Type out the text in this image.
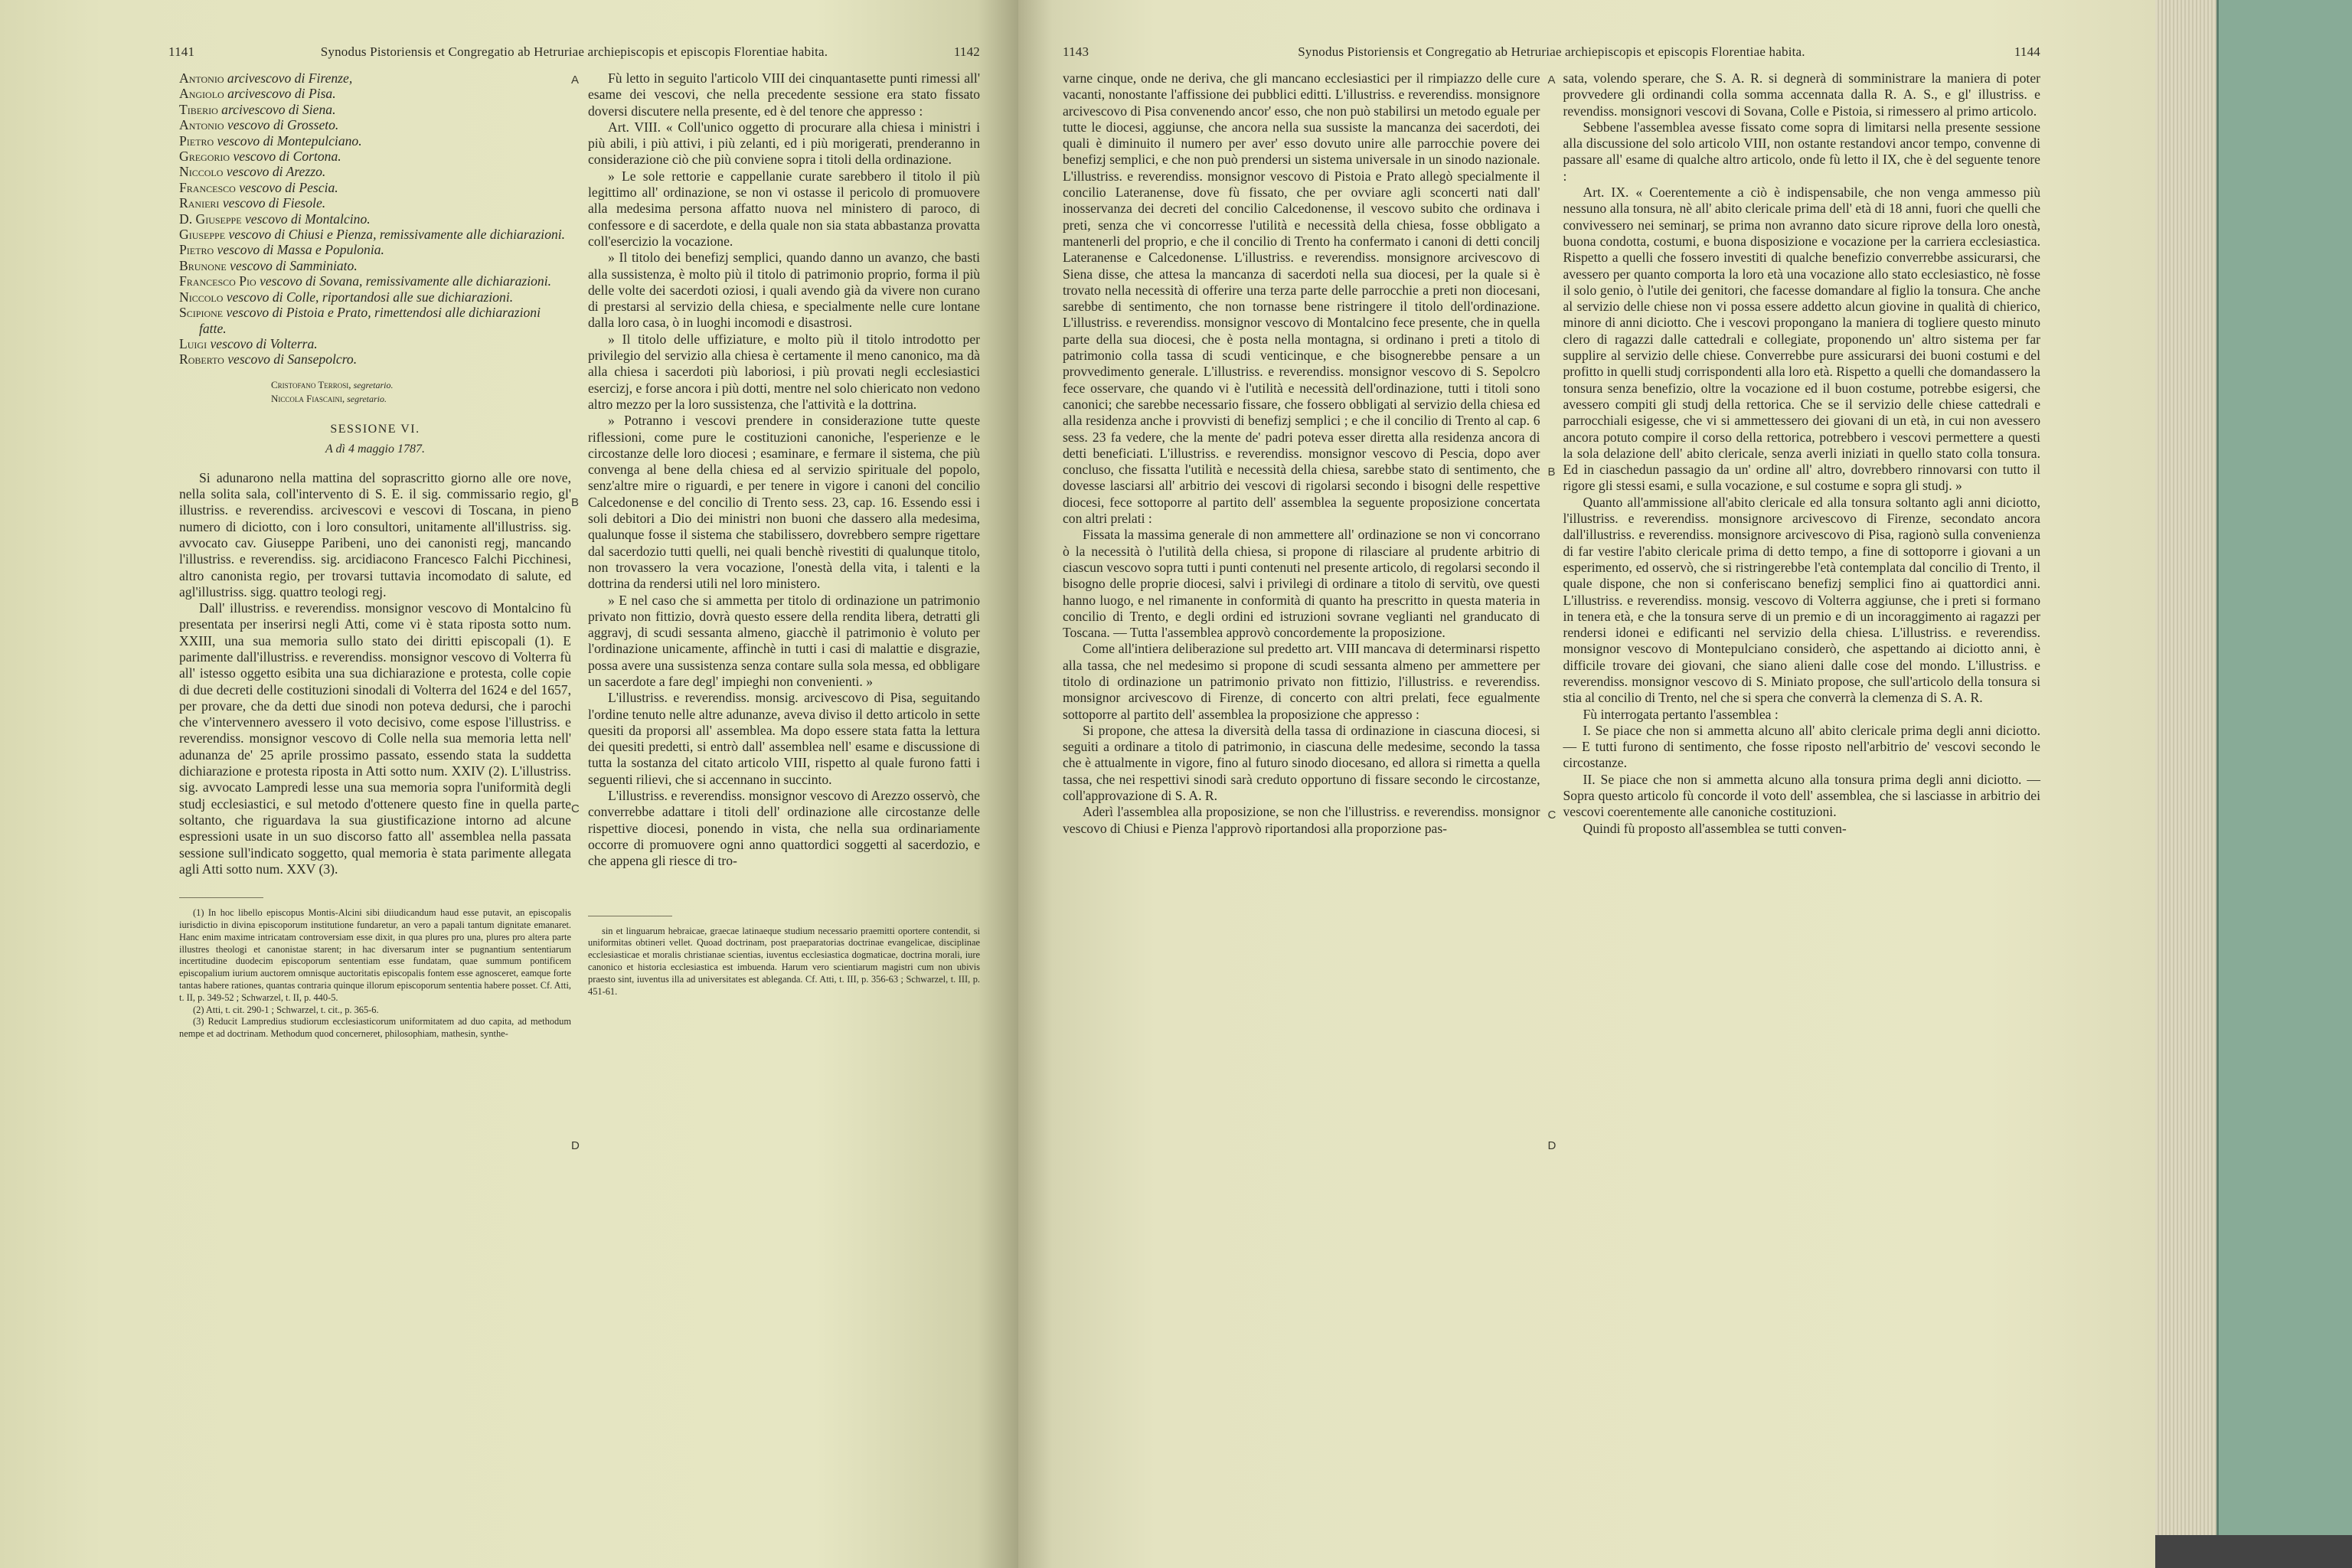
1141	Synodus Pistoriensis et Congregatio ab Hetruriae archiepiscopis et episcopis Florentiae habita.	1142
Antonio arcivescovo di Firenze,
Angiolo arcivescovo di Pisa.
Tiberio arcivescovo di Siena.
Antonio vescovo di Grosseto.
Pietro vescovo di Montepulciano.
Gregorio vescovo di Cortona.
Niccolo vescovo di Arezzo.
Francesco vescovo di Pescia.
Ranieri vescovo di Fiesole.
D. Giuseppe vescovo di Montalcino.
Giuseppe vescovo di Chiusi e Pienza, remissivamente alle dichiarazioni.
Pietro vescovo di Massa e Populonia.
Brunone vescovo di Samminiato.
Francesco Pio vescovo di Sovana, remissivamente alle dichiarazioni.
Niccolo vescovo di Colle, riportandosi alle sue dichiarazioni.
Scipione vescovo di Pistoia e Prato, rimettendosi alle dichiarazioni fatte.
Luigi vescovo di Volterra.
Roberto vescovo di Sansepolcro.
Cristofano Terrosi, segretario.
Niccola Fiascaini, segretario.
SESSIONE VI.
A dì 4 maggio 1787.

Si adunarono nella mattina del soprascritto giorno alle ore nove, nella solita sala, coll'intervento di S. E. il sig. commissario regio, gl' illustriss. e reverendiss. arcivescovi e vescovi di Toscana, in pieno numero di diciotto, con i loro consultori, unitamente all'illustriss. sig. avvocato cav. Giuseppe Paribeni, uno dei canonisti regj, mancando l'illustriss. e reverendiss. sig. arcidiacono Francesco Falchi Picchinesi, altro canonista regio, per trovarsi tuttavia incomodato di salute, ed agl'illustriss. sigg. quattro teologi regj.

Dall' illustriss. e reverendiss. monsignor vescovo di Montalcino fù presentata per inserirsi negli Atti, come vi è stata riposta sotto num. XXIII, una sua memoria sullo stato dei diritti episcopali (1). E parimente dall'illustriss. e reverendiss. monsignor vescovo di Volterra fù all' istesso oggetto esibita una sua dichiarazione e protesta, colle copie di due decreti delle costituzioni sinodali di Volterra del 1624 e del 1657, per provare, che da detti due sinodi non poteva dedursi, che i parochi che v'intervennero avessero il voto decisivo, come espose l'illustriss. e reverendiss. monsignor vescovo di Colle nella sua memoria letta nell' adunanza de' 25 aprile prossimo passato, essendo stata la suddetta dichiarazione e protesta riposta in Atti sotto num. XXIV (2). L'illustriss. sig. avvocato Lampredi lesse una sua memoria sopra l'uniformità degli studj ecclesiastici, e sul metodo d'ottenere questo fine in quella parte soltanto, che riguardava la sua giustificazione intorno ad alcune espressioni usate in un suo discorso fatto all' assemblea nella passata sessione sull'indicato soggetto, qual memoria è stata parimente allegata agli Atti sotto num. XXV (3).

(1) In hoc libello episcopus Montis-Alcini sibi diiudicandum haud esse putavit, an episcopalis iurisdictio in divina episcoporum institutione fundaretur, an vero a papali tantum dignitate emanaret. Hanc enim maxime intricatam controversiam esse dixit, in qua plures pro una, plures pro altera parte illustres theologi et canonistae starent; in hac diversarum inter se pugnantium sententiarum incertitudine duodecim episcoporum sententiam esse fundatam, quae summum pontificem episcopalium iurium auctorem omnisque auctoritatis episcopalis fontem esse agnosceret, eamque forte tantas habere rationes, quantas contraria quinque illorum episcoporum sententia habere posset. Cf. Atti, t. II, p. 349-52 ; Schwarzel, t. II, p. 440-5.

(2) Atti, t. cit. 290-1 ; Schwarzel, t. cit., p. 365-6.

(3) Reducit Lampredius studiorum ecclesiasticorum uniformitatem ad duo capita, ad methodum nempe et ad doctrinam. Methodum quod concerneret, philosophiam, mathesin, synthe-

A
B
C
D

Fù letto in seguito l'articolo VIII dei cinquantasette punti rimessi all' esame dei vescovi, che nella precedente sessione era stato fissato doversi discutere nella presente, ed è del tenore che appresso :

Art. VIII. « Coll'unico oggetto di procurare alla chiesa i ministri i più abili, i più attivi, i più zelanti, ed i più morigerati, prenderanno in considerazione ciò che più conviene sopra i titoli della ordinazione.

» Le sole rettorie e cappellanie curate sarebbero il titolo il più legittimo all' ordinazione, se non vi ostasse il pericolo di promuovere alla medesima persona affatto nuova nel ministero di paroco, di confessore e di sacerdote, e della quale non sia stata abbastanza provatta coll'esercizio la vocazione.

» Il titolo dei benefizj semplici, quando danno un avanzo, che basti alla sussistenza, è molto più il titolo di patrimonio proprio, forma il più delle volte dei sacerdoti oziosi, i quali avendo già da vivere non curano di prestarsi al servizio della chiesa, e specialmente nelle cure lontane dalla loro casa, ò in luoghi incomodi e disastrosi.

» Il titolo delle uffiziature, e molto più il titolo introdotto per privilegio del servizio alla chiesa è certamente il meno canonico, ma dà alla chiesa i sacerdoti più laboriosi, i più provati negli ecclesiastici esercizj, e forse ancora i più dotti, mentre nel solo chiericato non vedono altro mezzo per la loro sussistenza, che l'attività e la dottrina.

» Potranno i vescovi prendere in considerazione tutte queste riflessioni, come pure le costituzioni canoniche, l'esperienze e le circostanze delle loro diocesi ; esaminare, e fermare il sistema, che più convenga al bene della chiesa ed al servizio spirituale del popolo, senz'altre mire o riguardi, e per tenere in vigore i canoni del concilio Calcedonense e del concilio di Trento sess. 23, cap. 16. Essendo essi i soli debitori a Dio dei ministri non buoni che dassero alla medesima, qualunque fosse il sistema che stabilissero, dovrebbero sempre rigettare dal sacerdozio tutti quelli, nei quali benchè rivestiti di qualunque titolo, non trovassero la vera vocazione, l'onestà della vita, i talenti e la dottrina da rendersi utili nel loro ministero.

» E nel caso che si ammetta per titolo di ordinazione un patrimonio privato non fittizio, dovrà questo essere della rendita libera, detratti gli aggravj, di scudi sessanta almeno, giacchè il patrimonio è voluto per l'ordinazione unicamente, affinchè in tutti i casi di malattie e disgrazie, possa avere una sussistenza senza contare sulla sola messa, ed obbligare un sacerdote a fare degl' impieghi non convenienti. »

L'illustriss. e reverendiss. monsig. arcivescovo di Pisa, seguitando l'ordine tenuto nelle altre adunanze, aveva diviso il detto articolo in sette quesiti da proporsi all' assemblea. Ma dopo essere stata fatta la lettura dei quesiti predetti, si entrò dall' assemblea nell' esame e discussione di tutta la sostanza del citato articolo VIII, rispetto al quale furono fatti i seguenti rilievi, che si accennano in succinto.

L'illustriss. e reverendiss. monsignor vescovo di Arezzo osservò, che converrebbe adattare i titoli dell' ordinazione alle circostanze delle rispettive diocesi, ponendo in vista, che nella sua ordinariamente occorre di promuovere ogni anno quattordici soggetti al sacerdozio, e che appena gli riesce di tro-

sin et linguarum hebraicae, graecae latinaeque studium necessario praemitti oportere contendit, si uniformitas obtineri vellet. Quoad doctrinam, post praeparatorias doctrinae evangelicae, disciplinae ecclesiasticae et moralis christianae scientias, iuventus ecclesiastica dogmaticae, doctrina morali, iure canonico et historia ecclesiastica est imbuenda. Harum vero scientiarum magistri cum non ubivis praesto sint, iuventus illa ad universitates est ableganda. Cf. Atti, t. III, p. 356-63 ; Schwarzel, t. III, p. 451-61.

1143	Synodus Pistoriensis et Congregatio ab Hetruriae archiepiscopis et episcopis Florentiae habita.	1144

varne cinque, onde ne deriva, che gli mancano ecclesiastici per il rimpiazzo delle cure vacanti, nonostante l'affissione dei pubblici editti. L'illustriss. e reverendiss. monsignore arcivescovo di Pisa convenendo ancor' esso, che non può stabilirsi un metodo eguale per tutte le diocesi, aggiunse, che ancora nella sua sussiste la mancanza dei sacerdoti, dei quali è diminuito il numero per aver' esso dovuto unire alle parrocchie povere dei benefizj semplici, e che non può prendersi un sistema universale in un sinodo nazionale. L'illustriss. e reverendiss. monsignor vescovo di Pistoia e Prato allegò specialmente il concilio Lateranense, dove fù fissato, che per ovviare agli sconcerti nati dall' inosservanza dei decreti del concilio Calcedonense, il vescovo subito che ordinava i preti, senza che vi concorresse l'utilità e necessità della chiesa, fosse obbligato a mantenerli del proprio, e che il concilio di Trento ha confermato i canoni di detti concilj Lateranense e Calcedonense. L'illustriss. e reverendiss. monsignore arcivescovo di Siena disse, che attesa la mancanza di sacerdoti nella sua diocesi, per la quale si è trovato nella necessità di offerire una terza parte delle parrocchie a preti non diocesani, sarebbe di sentimento, che non tornasse bene ristringere il titolo dell'ordinazione. L'illustriss. e reverendiss. monsignor vescovo di Montalcino fece presente, che in quella parte della sua diocesi, che è posta nella montagna, si ordinano i preti a titolo di patrimonio colla tassa di scudi venticinque, e che bisognerebbe pensare a un provvedimento generale. L'illustriss. e reverendiss. monsignor vescovo di S. Sepolcro fece osservare, che quando vi è l'utilità e necessità dell'ordinazione, tutti i titoli sono canonici; che sarebbe necessario fissare, che fossero obbligati al servizio della chiesa ed alla residenza anche i provvisti di benefizj semplici ; e che il concilio di Trento al cap. 6 sess. 23 fa vedere, che la mente de' padri poteva esser diretta alla residenza ancora di detti beneficiati. L'illustriss. e reverendiss. monsignor vescovo di Pescia, dopo aver concluso, che fissatta l'utilità e necessità della chiesa, sarebbe stato di sentimento, che dovesse lasciarsi all' arbitrio dei vescovi di rigolarsi secondo i bisogni delle respettive diocesi, fece sottoporre al partito dell' assemblea la seguente proposizione concertata con altri prelati :

Fissata la massima generale di non ammettere all' ordinazione se non vi concorrano ò la necessità ò l'utilità della chiesa, si propone di rilasciare al prudente arbitrio di ciascun vescovo sopra tutti i punti contenuti nel presente articolo, di regolarsi secondo il bisogno delle proprie diocesi, salvi i privilegi di ordinare a titolo di servitù, ove questi hanno luogo, e nel rimanente in conformità di quanto ha prescritto in questa materia in concilio di Trento, e degli ordini ed istruzioni sovrane veglianti nel granducato di Toscana. — Tutta l'assemblea approvò concordemente la proposizione.

Come all'intiera deliberazione sul predetto art. VIII mancava di determinarsi rispetto alla tassa, che nel medesimo si propone di scudi sessanta almeno per ammettere per titolo di ordinazione un patrimonio privato non fittizio, l'illustriss. e reverendiss. monsignor arcivescovo di Firenze, di concerto con altri prelati, fece egualmente sottoporre al partito dell' assemblea la proposizione che appresso :

Si propone, che attesa la diversità della tassa di ordinazione in ciascuna diocesi, si seguiti a ordinare a titolo di patrimonio, in ciascuna delle medesime, secondo la tassa che è attualmente in vigore, fino al futuro sinodo diocesano, ed allora si rimetta a quella tassa, che nei respettivi sinodi sarà creduto opportuno di fissare secondo le circostanze, coll'approvazione di S. A. R.

Aderì l'assemblea alla proposizione, se non che l'illustriss. e reverendiss. monsignor vescovo di Chiusi e Pienza l'approvò riportandosi alla proporzione pas-

A
B
C
D

sata, volendo sperare, che S. A. R. si degnerà di somministrare la maniera di poter provvedere gli ordinandi colla somma accennata dalla R. A. S., e gl' illustriss. e revendiss. monsignori vescovi di Sovana, Colle e Pistoia, si rimessero al primo articolo.

Sebbene l'assemblea avesse fissato come sopra di limitarsi nella presente sessione alla discussione del solo articolo VIII, non ostante restandovi ancor tempo, convenne di passare all' esame di qualche altro articolo, onde fù letto il IX, che è del seguente tenore :

Art. IX. « Coerentemente a ciò è indispensabile, che non venga ammesso più nessuno alla tonsura, nè all' abito clericale prima dell' età di 18 anni, fuori che quelli che convivessero nei seminarj, se prima non avranno dato sicure riprove della loro onestà, buona condotta, costumi, e buona disposizione e vocazione per la carriera ecclesiastica. Rispetto a quelli che fossero investiti di qualche benefizio converrebbe assicurarsi, che avessero per quanto comporta la loro età una vocazione allo stato ecclesiastico, nè fosse il solo genio, ò l'utile dei genitori, che facesse domandare al figlio la tonsura. Che anche al servizio delle chiese non vi possa essere addetto alcun giovine in qualità di chierico, minore di anni diciotto. Che i vescovi propongano la maniera di togliere questo minuto clero di ragazzi dalle cattedrali e collegiate, proponendo un' altro sistema per far supplire al servizio delle chiese. Converrebbe pure assicurarsi dei buoni costumi e del profitto in quelli studj corrispondenti alla loro età. Rispetto a quelli che domandassero la tonsura senza benefizio, oltre la vocazione ed il buon costume, potrebbe esigersi, che avessero compiti gli studj della rettorica. Che se il servizio delle chiese cattedrali e parrocchiali esigesse, che vi si ammettessero dei giovani di un età, in cui non avessero ancora potuto compire il corso della rettorica, potrebbero i vescovi permettere a questi la sola delazione dell' abito clericale, senza averli iniziati in quello stato colla tonsura. Ed in ciaschedun passagio da un' ordine all' altro, dovrebbero rinnovarsi con tutto il rigore gli stessi esami, e sulla vocazione, e sul costume e sopra gli studj. »

Quanto all'ammissione all'abito clericale ed alla tonsura soltanto agli anni diciotto, l'illustriss. e reverendiss. monsignore arcivescovo di Firenze, secondato ancora dall'illustriss. e reverendiss. monsignore arcivescovo di Pisa, ragionò sulla convenienza di far vestire l'abito clericale prima di detto tempo, a fine di sottoporre i giovani a un esperimento, ed osservò, che si ristringerebbe l'età contemplata dal concilio di Trento, il quale dispone, che non si conferiscano benefizj semplici fino ai quattordici anni. L'illustriss. e reverendiss. monsig. vescovo di Volterra aggiunse, che i preti si formano in tenera età, e che la tonsura serve di un premio e di un incoraggimento ai ragazzi per rendersi idonei e edificanti nel servizio della chiesa. L'illustriss. e reverendiss. monsignor vescovo di Montepulciano considerò, che aspettando ai diciotto anni, è difficile trovare dei giovani, che siano alieni dalle cose del mondo. L'illustriss. e reverendiss. monsignor vescovo di S. Miniato propose, che sull'articolo della tonsura si stia al concilio di Trento, nel che si spera che converrà la clemenza di S. A. R.

Fù interrogata pertanto l'assemblea :

I. Se piace che non si ammetta alcuno all' abito clericale prima degli anni diciotto. — E tutti furono di sentimento, che fosse riposto nell'arbitrio de' vescovi secondo le circostanze.

II. Se piace che non si ammetta alcuno alla tonsura prima degli anni diciotto. — Sopra questo articolo fù concorde il voto dell' assemblea, che si lasciasse in arbitrio dei vescovi coerentemente alle canoniche costituzioni.

Quindi fù proposto all'assemblea se tutti conven-
